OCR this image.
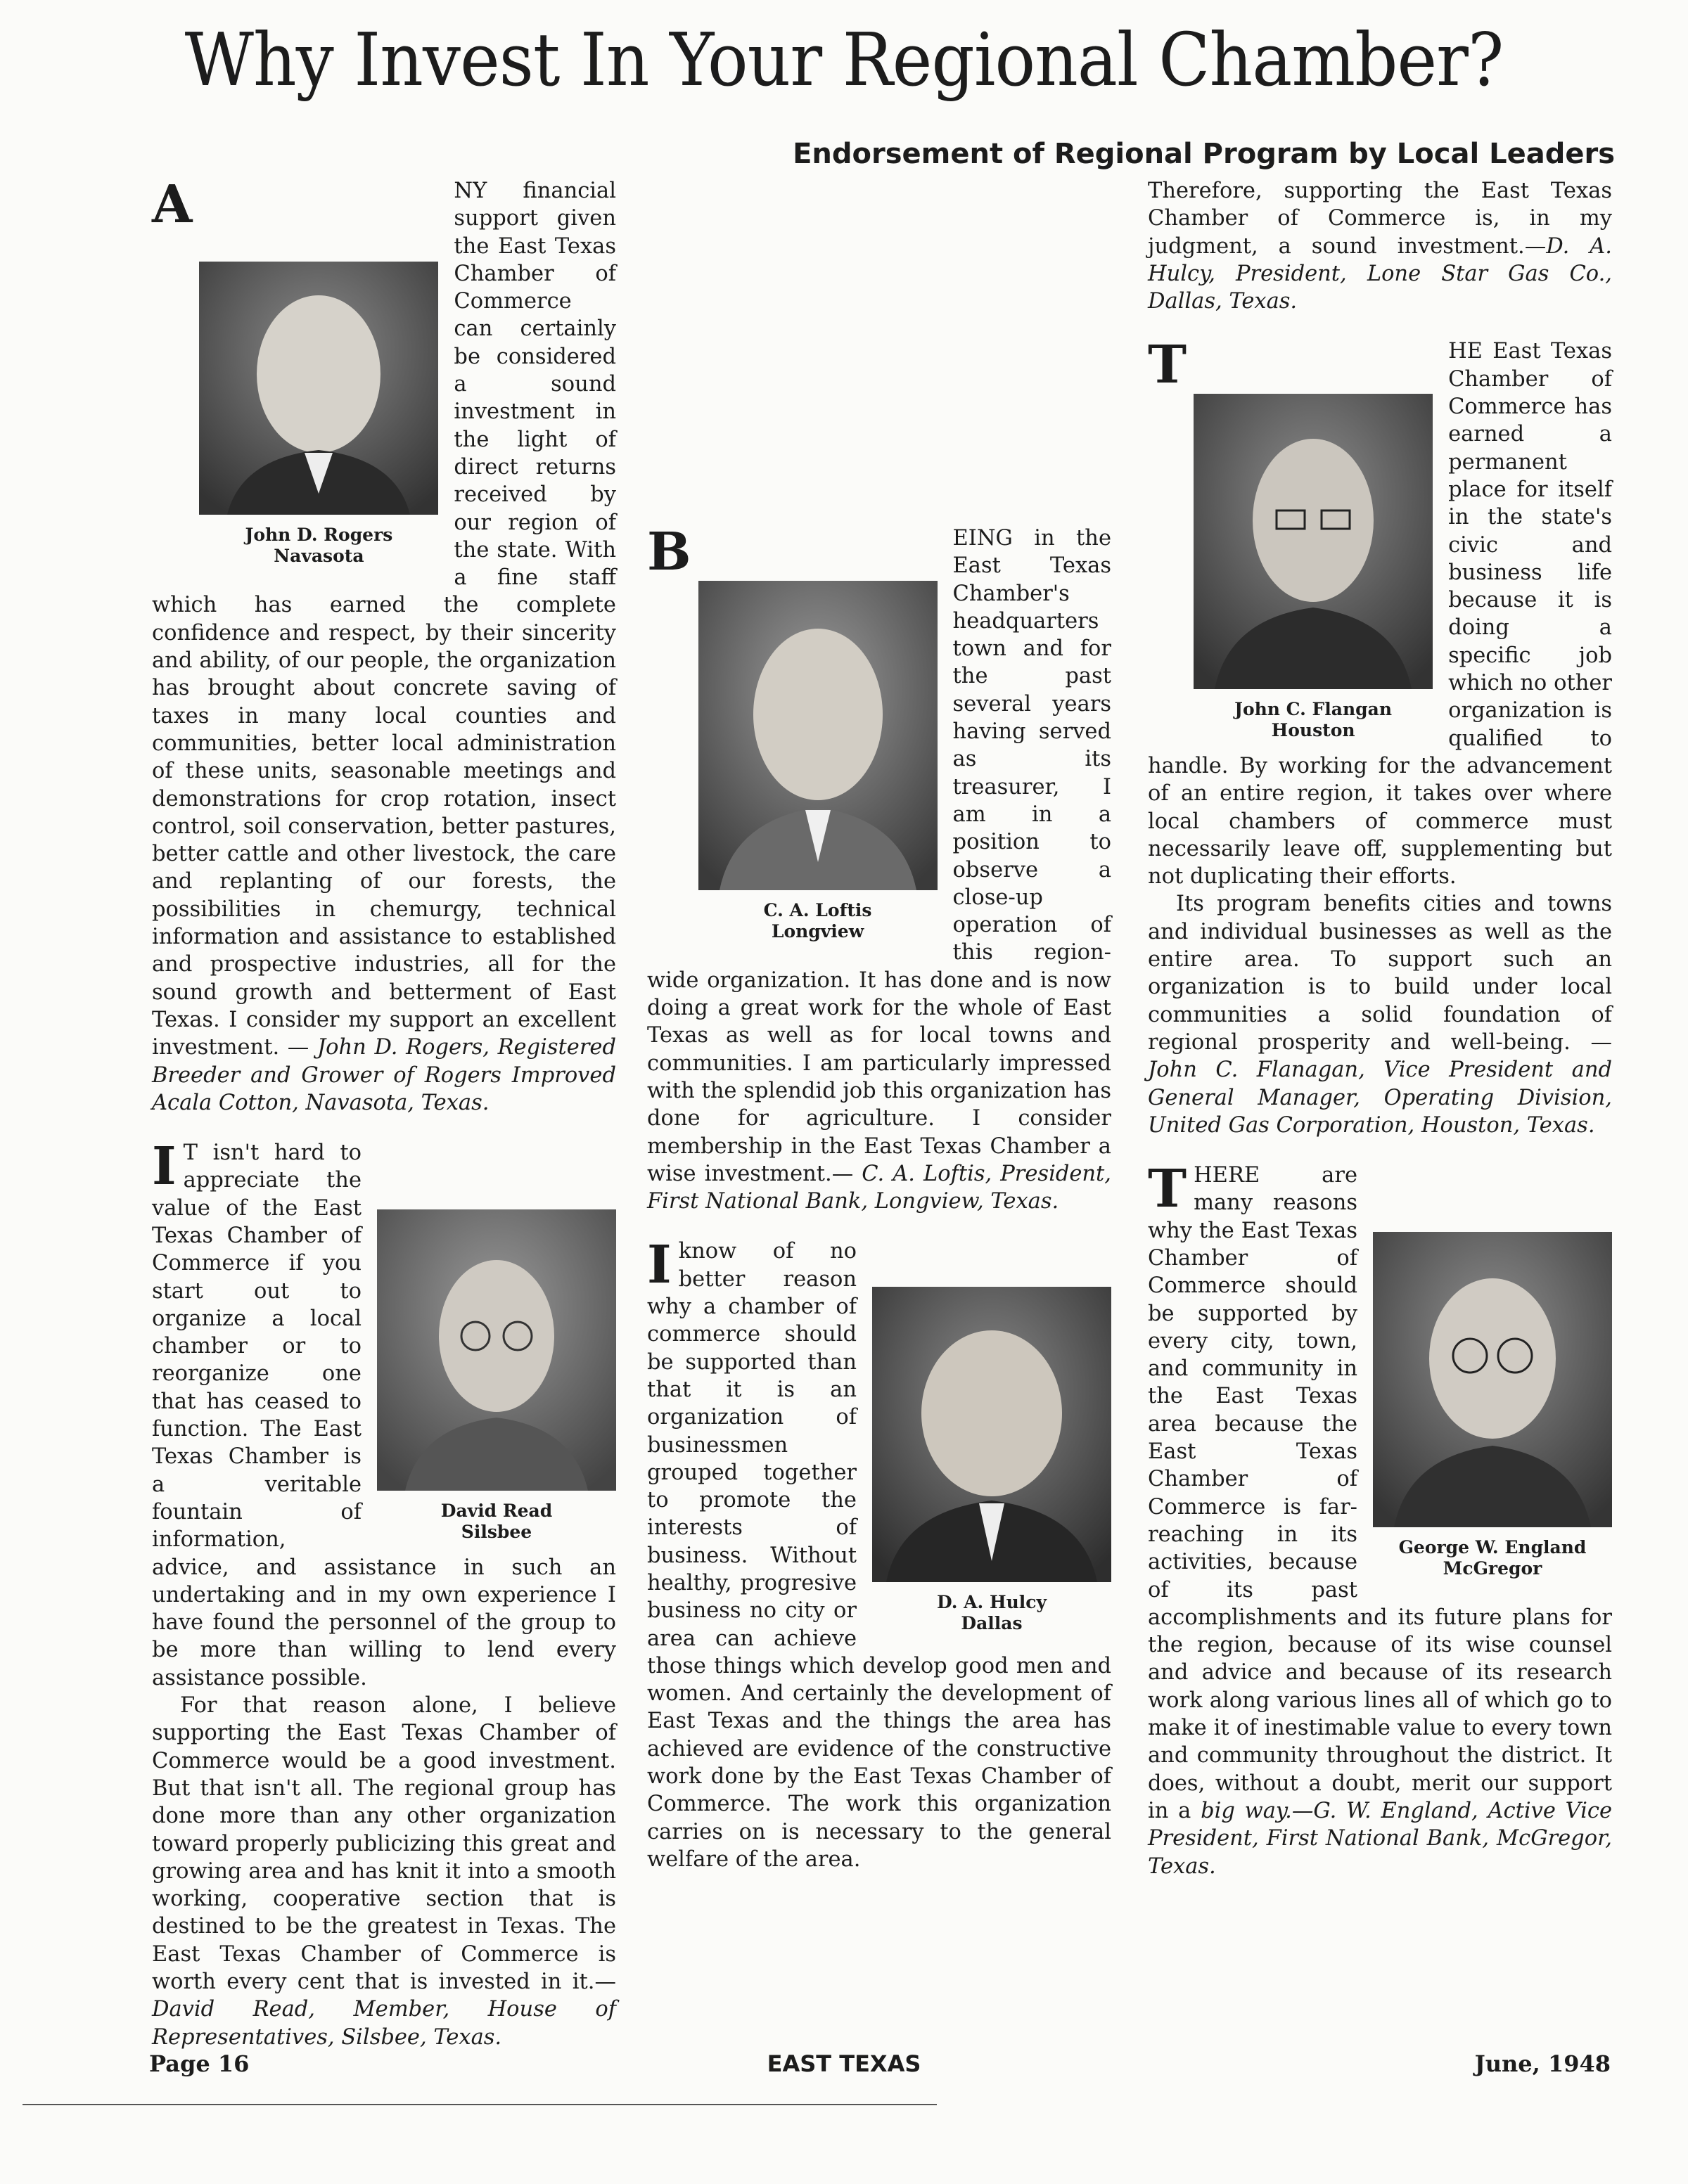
Why Invest In Your Regional Chamber?
Endorsement of Regional Program by Local Leaders

A
John D. Rogers
Navasota
NY financial support given the East Texas Chamber of Commerce can certainly be considered a sound investment in the light of direct returns received by our region of the state. With a fine staff which has earned the complete confidence and respect, by their sincerity and ability, of our people, the organization has brought about concrete saving of taxes in many local counties and communities, better local administration of these units, seasonable meetings and demonstrations for crop rotation, insect control, soil conservation, better pastures, better cattle and other livestock, the care and replanting of our forests, the possibilities in chemurgy, technical information and assistance to established and prospective industries, all for the sound growth and betterment of East Texas. I consider my support an excellent investment. — John D. Rogers, Registered Breeder and Grower of Rogers Improved Acala Cotton, Navasota, Texas.

I
David Read
Silsbee
T isn't hard to appreciate the value of the East Texas Chamber of Commerce if you start out to organize a local chamber or to reorganize one that has ceased to function. The East Texas Chamber is a veritable fountain of information, advice, and assistance in such an undertaking and in my own experience I have found the personnel of the group to be more than willing to lend every assistance possible.

For that reason alone, I believe supporting the East Texas Chamber of Commerce would be a good investment. But that isn't all. The regional group has done more than any other organization toward properly publicizing this great and growing area and has knit it into a smooth working, cooperative section that is destined to be the greatest in Texas. The East Texas Chamber of Commerce is worth every cent that is invested in it.—David Read, Member, House of Representatives, Silsbee, Texas.

B
C. A. Loftis
Longview
EING in the East Texas Chamber's headquarters town and for the past several years having served as its treasurer, I am in a position to observe a close-up operation of this region-wide organization. It has done and is now doing a great work for the whole of East Texas as well as for local towns and communities. I am particularly impressed with the splendid job this organization has done for agriculture. I consider membership in the East Texas Chamber a wise investment.— C. A. Loftis, President, First National Bank, Longview, Texas.

I
D. A. Hulcy
Dallas
know of no better reason why a chamber of commerce should be supported than that it is an organization of businessmen grouped together to promote the interests of business. Without healthy, progresive business no city or area can achieve those things which develop good men and women. And certainly the development of East Texas and the things the area has achieved are evidence of the constructive work done by the East Texas Chamber of Commerce. The work this organization carries on is necessary to the general welfare of the area.

Therefore, supporting the East Texas Chamber of Commerce is, in my judgment, a sound investment.—D. A. Hulcy, President, Lone Star Gas Co., Dallas, Texas.

T
John C. Flangan
Houston
HE East Texas Chamber of Commerce has earned a permanent place for itself in the state's civic and business life because it is doing a specific job which no other organization is qualified to handle. By working for the advancement of an entire region, it takes over where local chambers of commerce must necessarily leave off, supplementing but not duplicating their efforts.

Its program benefits cities and towns and individual businesses as well as the entire area. To support such an organization is to build under local communities a solid foundation of regional prosperity and well-being. — John C. Flanagan, Vice President and General Manager, Operating Division, United Gas Corporation, Houston, Texas.

T
George W. England
McGregor
HERE are many reasons why the East Texas Chamber of Commerce should be supported by every city, town, and community in the East Texas area because the East Texas Chamber of Commerce is far-reaching in its activities, because of its past accomplishments and its future plans for the region, because of its wise counsel and advice and because of its research work along various lines all of which go to make it of inestimable value to every town and community throughout the district. It does, without a doubt, merit our support in a big way.—G. W. England, Active Vice President, First National Bank, McGregor, Texas.

Page 16	EAST TEXAS	June, 1948
